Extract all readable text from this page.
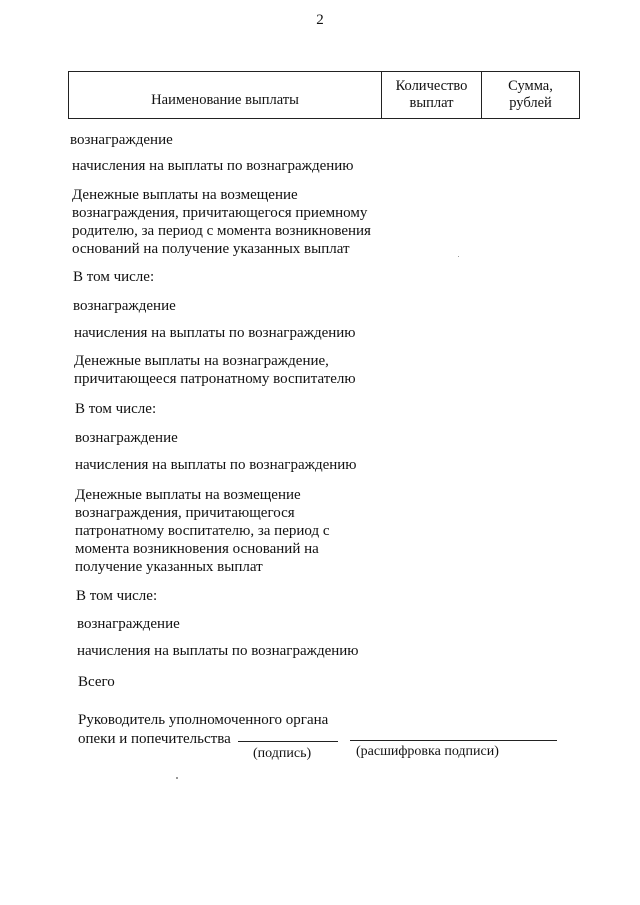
2
Наименование выплаты
Количество
выплат
Сумма,
рублей
вознаграждение
начисления на выплаты по вознаграждению
Денежные выплаты на возмещение
вознаграждения, причитающегося приемному
родителю, за период с момента возникновения
оснований на получение указанных выплат
В том числе:
вознаграждение
начисления на выплаты по вознаграждению
Денежные выплаты на вознаграждение,
причитающееся патронатному воспитателю
В том числе:
вознаграждение
начисления на выплаты по вознаграждению
Денежные выплаты на возмещение
вознаграждения, причитающегося
патронатному воспитателю, за период с
момента возникновения оснований на
получение указанных выплат
В том числе:
вознаграждение
начисления на выплаты по вознаграждению
Всего
Руководитель уполномоченного органа
опеки и попечительства
(подпись)	(расшифровка подписи)
